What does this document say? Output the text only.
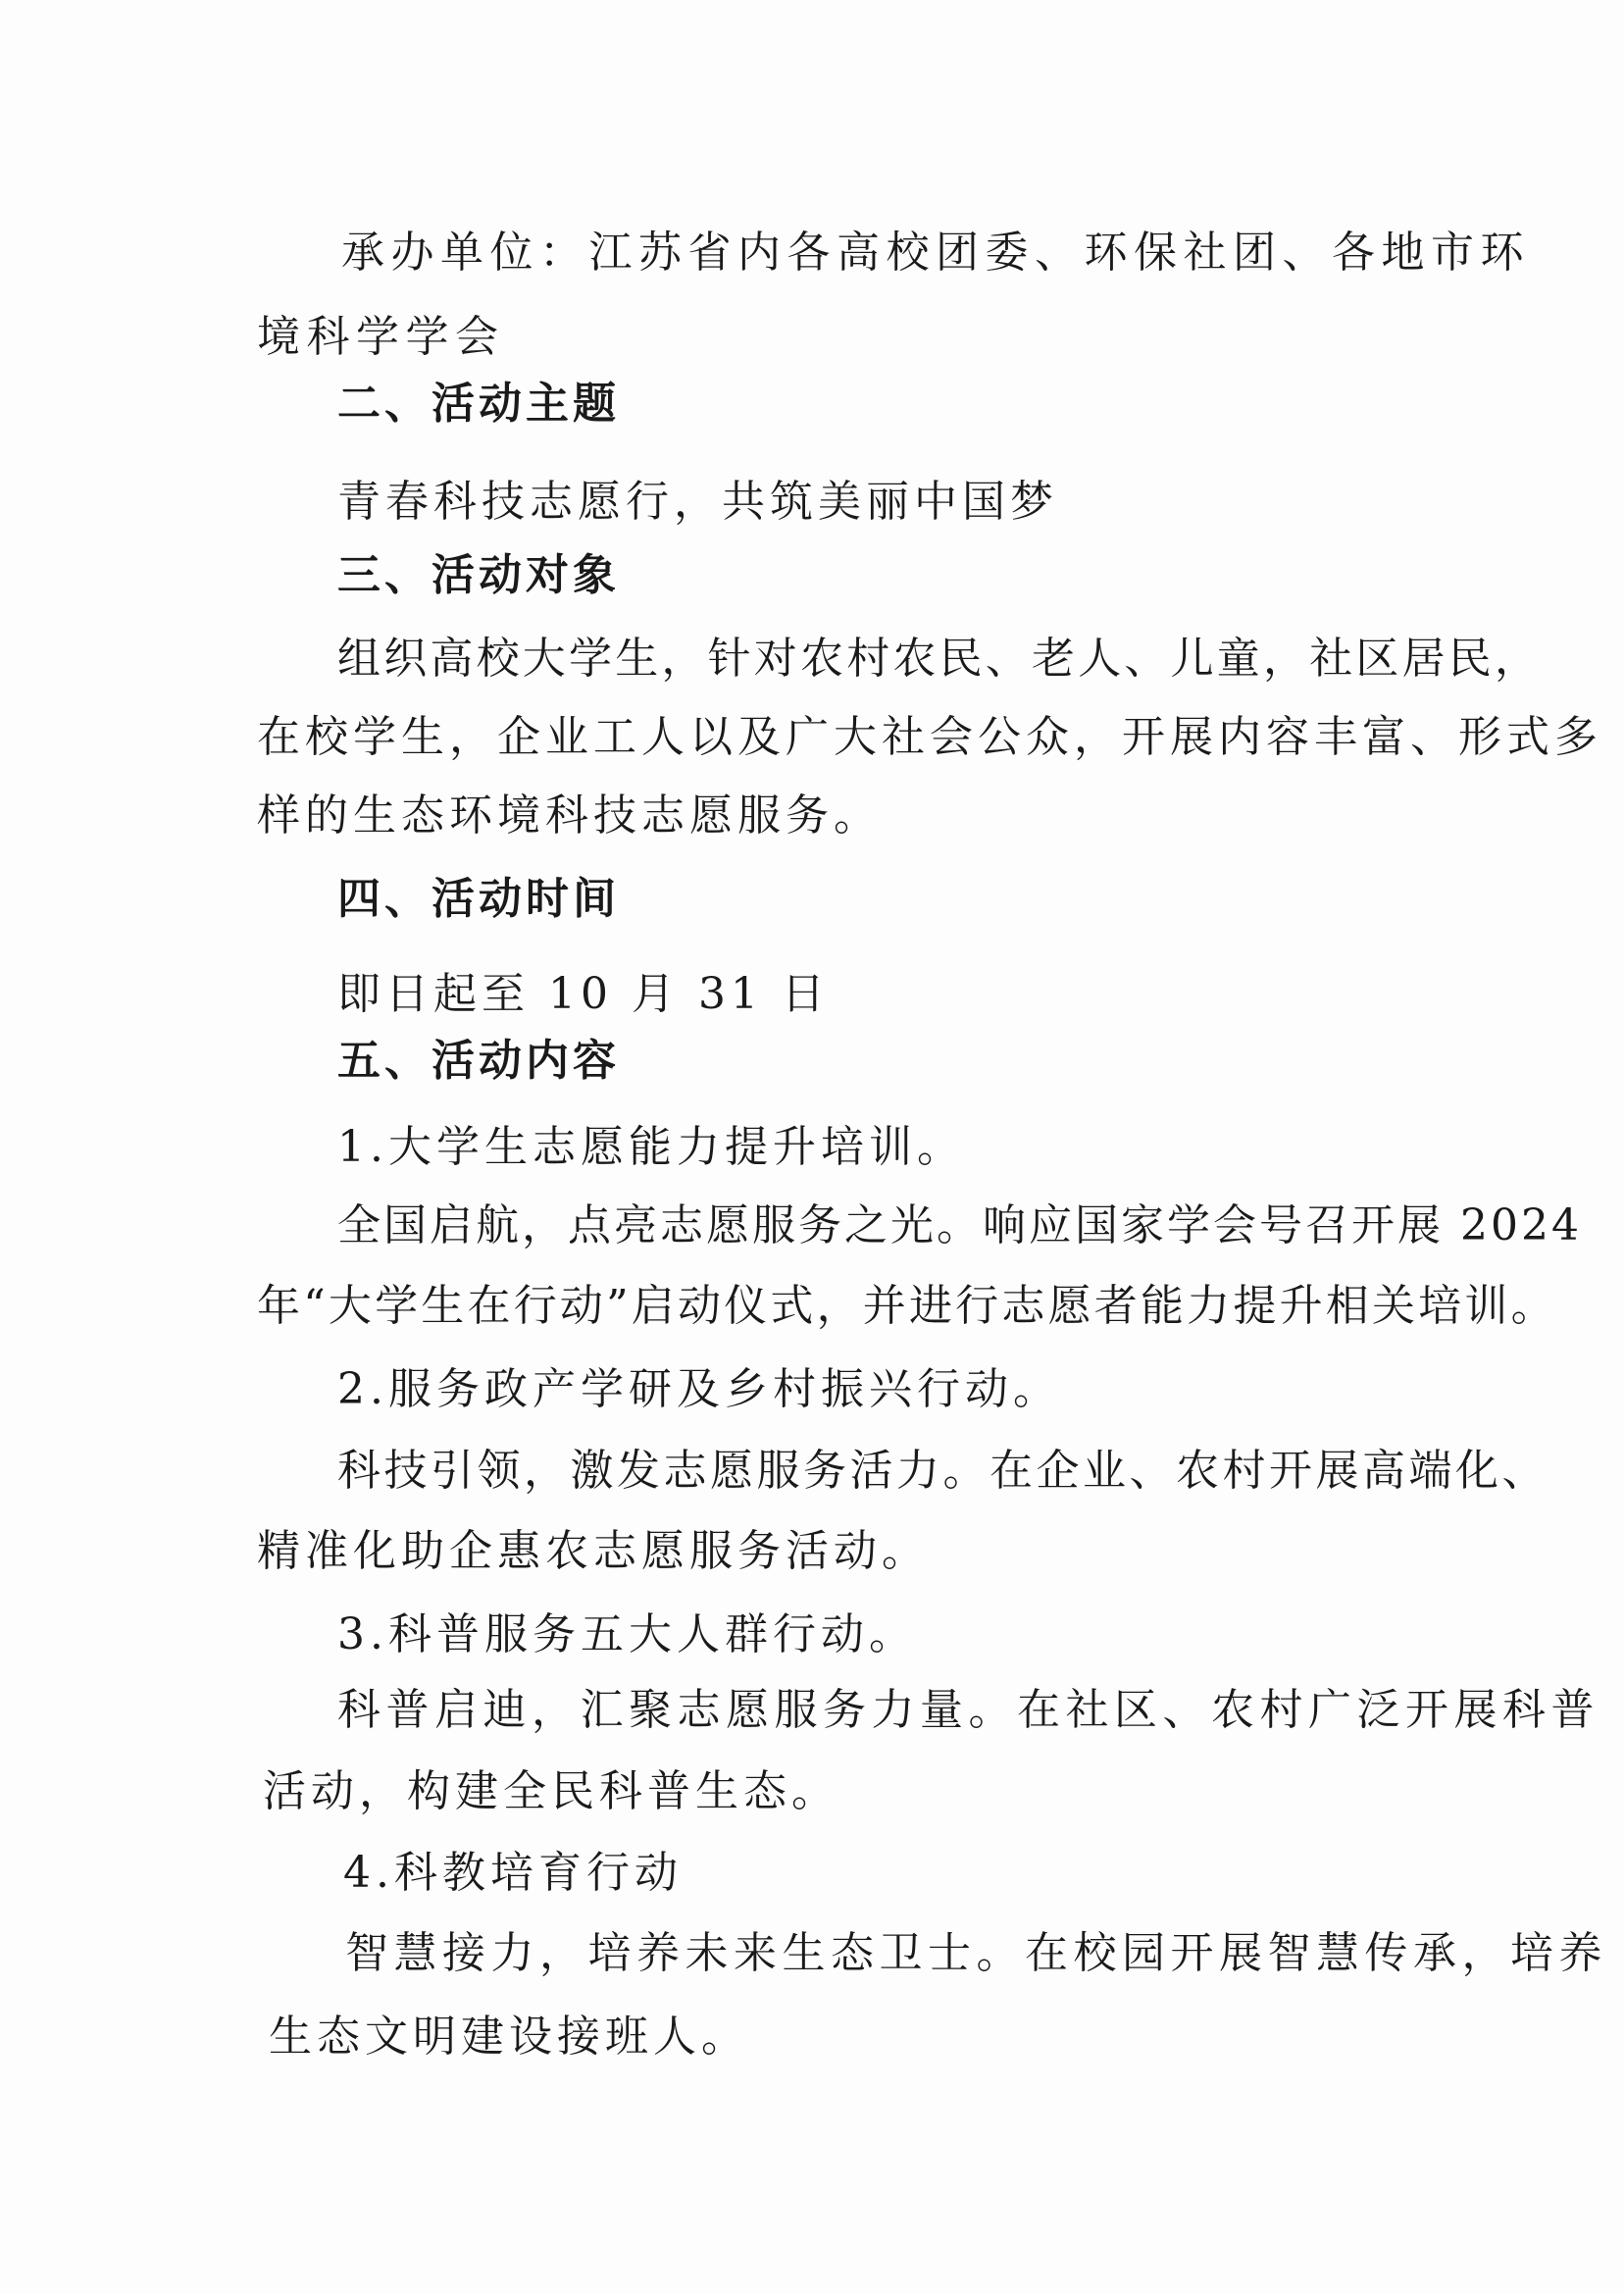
承办单位：江苏省内各高校团委、环保社团、各地市环
境科学学会
二、活动主题
青春科技志愿行，共筑美丽中国梦
三、活动对象
组织高校大学生，针对农村农民、老人、儿童，社区居民，
在校学生，企业工人以及广大社会公众，开展内容丰富、形式多
样的生态环境科技志愿服务。
四、活动时间
即日起至 10 月 31 日
五、活动内容
1.大学生志愿能力提升培训。
全国启航，点亮志愿服务之光。响应国家学会号召开展 2024
年“大学生在行动”启动仪式，并进行志愿者能力提升相关培训。
2.服务政产学研及乡村振兴行动。
科技引领，激发志愿服务活力。在企业、农村开展高端化、
精准化助企惠农志愿服务活动。
3.科普服务五大人群行动。
科普启迪，汇聚志愿服务力量。在社区、农村广泛开展科普
活动，构建全民科普生态。
4.科教培育行动
智慧接力，培养未来生态卫士。在校园开展智慧传承，培养
生态文明建设接班人。
